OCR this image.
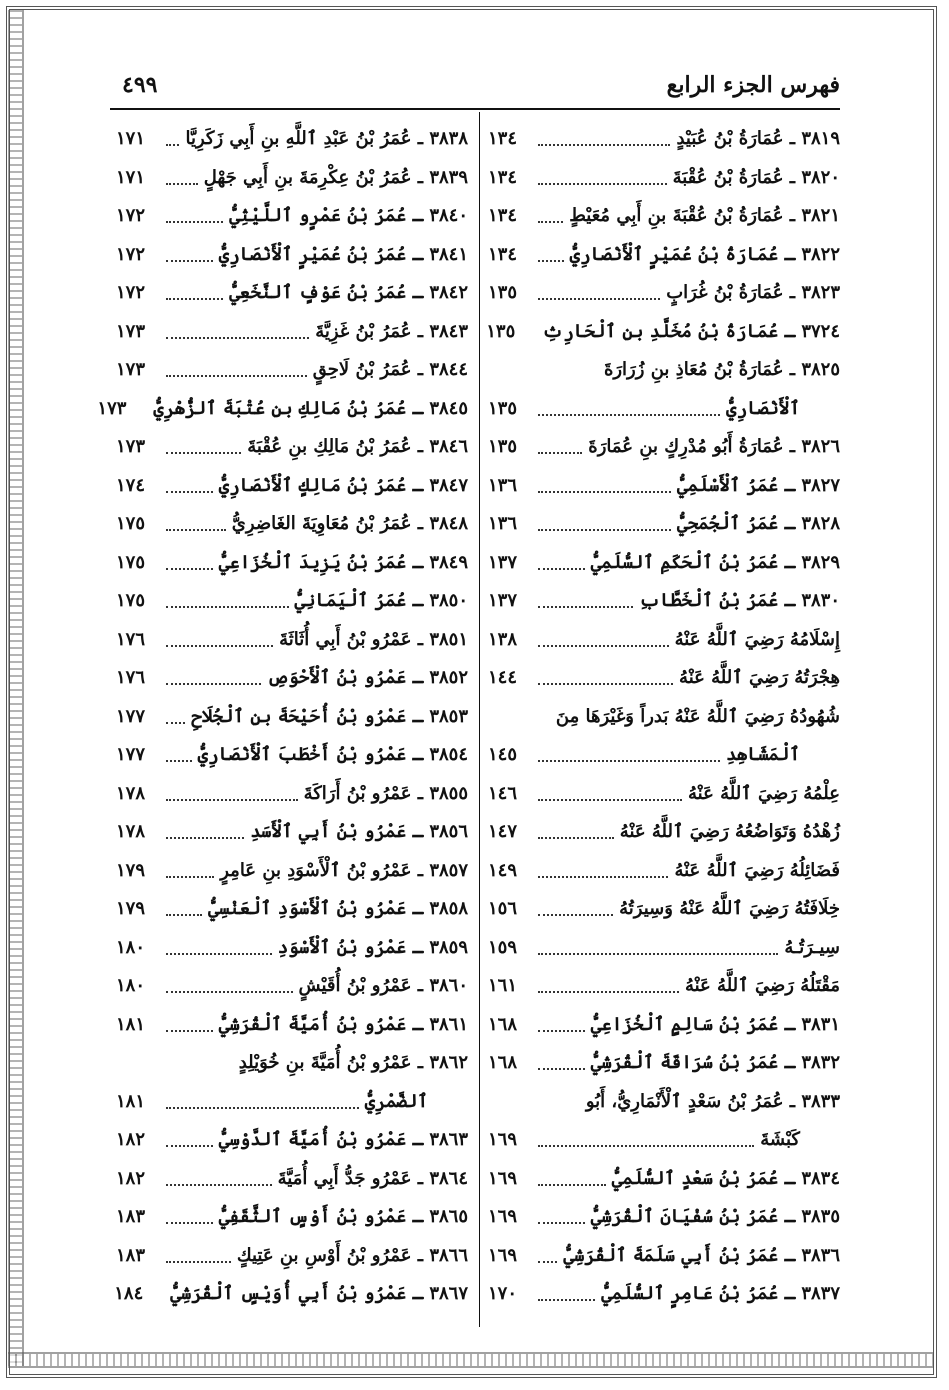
فهرس الجزء الرابع
٤٩٩
٣٨١٩ ـ عُمَارَةُ بْنُ عُبَيْدٍ
١٣٤
٣٨٢٠ ـ عُمَارَةُ بْنُ عُقْبَةَ
١٣٤
٣٨٢١ ـ عُمَارَةُ بْنُ عُقْبَةَ بنِ أَبِي مُعَيْطٍ
١٣٤
٣٨٢٢ ـ عُمَارَةُ بْنُ عُمَيْرٍ ٱلْأَنْصَارِيُّ
١٣٤
٣٨٢٣ ـ عُمَارَةُ بْنُ غُرَابٍ
١٣٥
٣٧٢٤ ـ عُمَارَةُ بْنُ مُخَلَّدِ بنِ ٱلْحَارِثِ
١٣٥
٣٨٢٥ ـ عُمَارَةُ بْنُ مُعَاذِ بنِ زُرَارَةَ
ٱلْأَنْصَارِيُّ
١٣٥
٣٨٢٦ ـ عُمَارَةُ أَبُو مُدْرِكٍ بنِ عُمَارَةَ
١٣٥
٣٨٢٧ ـ عُمَرُ ٱلْأَسْلَمِيُّ
١٣٦
٣٨٢٨ ـ عُمَرُ ٱلْجُمَحِيُّ
١٣٦
٣٨٢٩ ـ عُمَرُ بْنُ ٱلْحَكَمِ ٱلسُّلَمِيُّ
١٣٧
٣٨٣٠ ـ عُمَرُ بْنُ ٱلْخَطَّابِ
١٣٧
إِسْلَامُهُ رَضِيَ ٱللَّهُ عَنْهُ
١٣٨
هِجْرَتُهُ رَضِيَ ٱللَّهُ عَنْهُ
١٤٤
شُهُودُهُ رَضِيَ ٱللَّهُ عَنْهُ بَدراً وَغَيْرَهَا مِنَ
ٱلْمَشَاهِدِ
١٤٥
عِلْمُهُ رَضِيَ ٱللَّهُ عَنْهُ
١٤٦
زُهْدُهُ وَتَوَاضُعُهُ رَضِيَ ٱللَّهُ عَنْهُ
١٤٧
فَضَائِلُهُ رَضِيَ ٱللَّهُ عَنْهُ
١٤٩
خِلَافَتُهُ رَضِيَ ٱللَّهُ عَنْهُ وَسِيرَتُهُ
١٥٦
سِيـرَتُـهُ
١٥٩
مَقْتَلُهُ رَضِيَ ٱللَّهُ عَنْهُ
١٦١
٣٨٣١ ـ عُمَرُ بْنُ سَالِمٍ ٱلْخُزَاعِيُّ
١٦٨
٣٨٣٢ ـ عُمَرُ بْنُ سُرَاقَةَ ٱلْقُرَشِيُّ
١٦٨
٣٨٣٣ ـ عُمَرُ بْنُ سَعْدٍ ٱلْأَنْمَارِيُّ، أَبُو
كَبْشَةَ
١٦٩
٣٨٣٤ ـ عُمَرُ بْنُ سَعْدٍ ٱلسُّلَمِيُّ
١٦٩
٣٨٣٥ ـ عُمَرُ بْنُ سُفْيَانَ ٱلْقُرَشِيُّ
١٦٩
٣٨٣٦ ـ عُمَرُ بْنُ أَبِي سَلَمَةَ ٱلْقُرَشِيُّ
١٦٩
٣٨٣٧ ـ عُمَرُ بْنُ عَامِرٍ ٱلسُّلَمِيُّ
١٧٠
٣٨٣٨ ـ عُمَرُ بْنُ عَبْدِ ٱللَّهِ بنِ أَبِي زَكَرِيَّا
١٧١
٣٨٣٩ ـ عُمَرُ بْنُ عِكْرِمَةَ بنِ أَبِي جَهْلٍ
١٧١
٣٨٤٠ ـ عُمَرُ بْنُ عَمْرٍو ٱللَّيْثِيُّ
١٧٢
٣٨٤١ ـ عُمَرُ بْنُ عُمَيْرٍ ٱلْأَنْصَارِيُّ
١٧٢
٣٨٤٢ ـ عُمَرُ بْنُ عَوْفٍ ٱلنَّخَعِيُّ
١٧٢
٣٨٤٣ ـ عُمَرُ بْنُ غَزِيَّةَ
١٧٣
٣٨٤٤ ـ عُمَرُ بْنُ لَاحِقٍ
١٧٣
٣٨٤٥ ـ عُمَرُ بْنُ مَالِكِ بنِ عُتْبَةَ ٱلزُّهْرِيُّ
١٧٣
٣٨٤٦ ـ عُمَرُ بْنُ مَالِكِ بنِ عُقْبَةَ
١٧٣
٣٨٤٧ ـ عُمَرُ بْنُ مَالِكٍ ٱلْأَنْصَارِيُّ
١٧٤
٣٨٤٨ ـ عُمَرُ بْنُ مُعَاوِيَةَ الغَاضِرِيُّ
١٧٥
٣٨٤٩ ـ عُمَرُ بْنُ يَزِيدَ ٱلْخُزَاعِيُّ
١٧٥
٣٨٥٠ ـ عُمَرُ ٱلْيَمَانِيُّ
١٧٥
٣٨٥١ ـ عَمْرُو بْنُ أَبِي أُثَاثَةَ
١٧٦
٣٨٥٢ ـ عَمْرُو بْنُ ٱلْأَحْوَصِ
١٧٦
٣٨٥٣ ـ عَمْرُو بْنُ أُحَيْحَةَ بنِ ٱلْجُلَاحِ
١٧٧
٣٨٥٤ ـ عَمْرُو بْنُ أَخْطَبَ ٱلْأَنْصَارِيُّ
١٧٧
٣٨٥٥ ـ عَمْرُو بْنُ أَرَاكَةَ
١٧٨
٣٨٥٦ ـ عَمْرُو بْنُ أَبِي ٱلْأَسَدِ
١٧٨
٣٨٥٧ ـ عَمْرُو بْنُ ٱلْأَسْوَدِ بنِ عَامِرٍ
١٧٩
٣٨٥٨ ـ عَمْرُو بْنُ ٱلْأَسْوَدِ ٱلْعَنْسِيُّ
١٧٩
٣٨٥٩ ـ عَمْرُو بْنُ ٱلْأَسْوَدِ
١٨٠
٣٨٦٠ ـ عَمْرُو بْنُ أُقَيْشٍ
١٨٠
٣٨٦١ ـ عَمْرُو بْنُ أُمَيَّةَ ٱلْقُرَشِيُّ
١٨١
٣٨٦٢ ـ عَمْرُو بْنُ أُمَيَّةَ بنِ خُوَيْلِدٍ
ٱلضَّمْرِيُّ
١٨١
٣٨٦٣ ـ عَمْرُو بْنُ أُمَيَّةَ ٱلدَّوْسِيُّ
١٨٢
٣٨٦٤ ـ عَمْرُو جَدُّ أَبِي أُمَيَّةَ
١٨٢
٣٨٦٥ ـ عَمْرُو بْنُ أَوْسٍ ٱلثَّقَفِيُّ
١٨٣
٣٨٦٦ ـ عَمْرُو بْنُ أَوْسِ بنِ عَتِيكٍ
١٨٣
٣٨٦٧ ـ عَمْرُو بْنُ أَبِي أُوَيْسٍ ٱلْقُرَشِيُّ
١٨٤
